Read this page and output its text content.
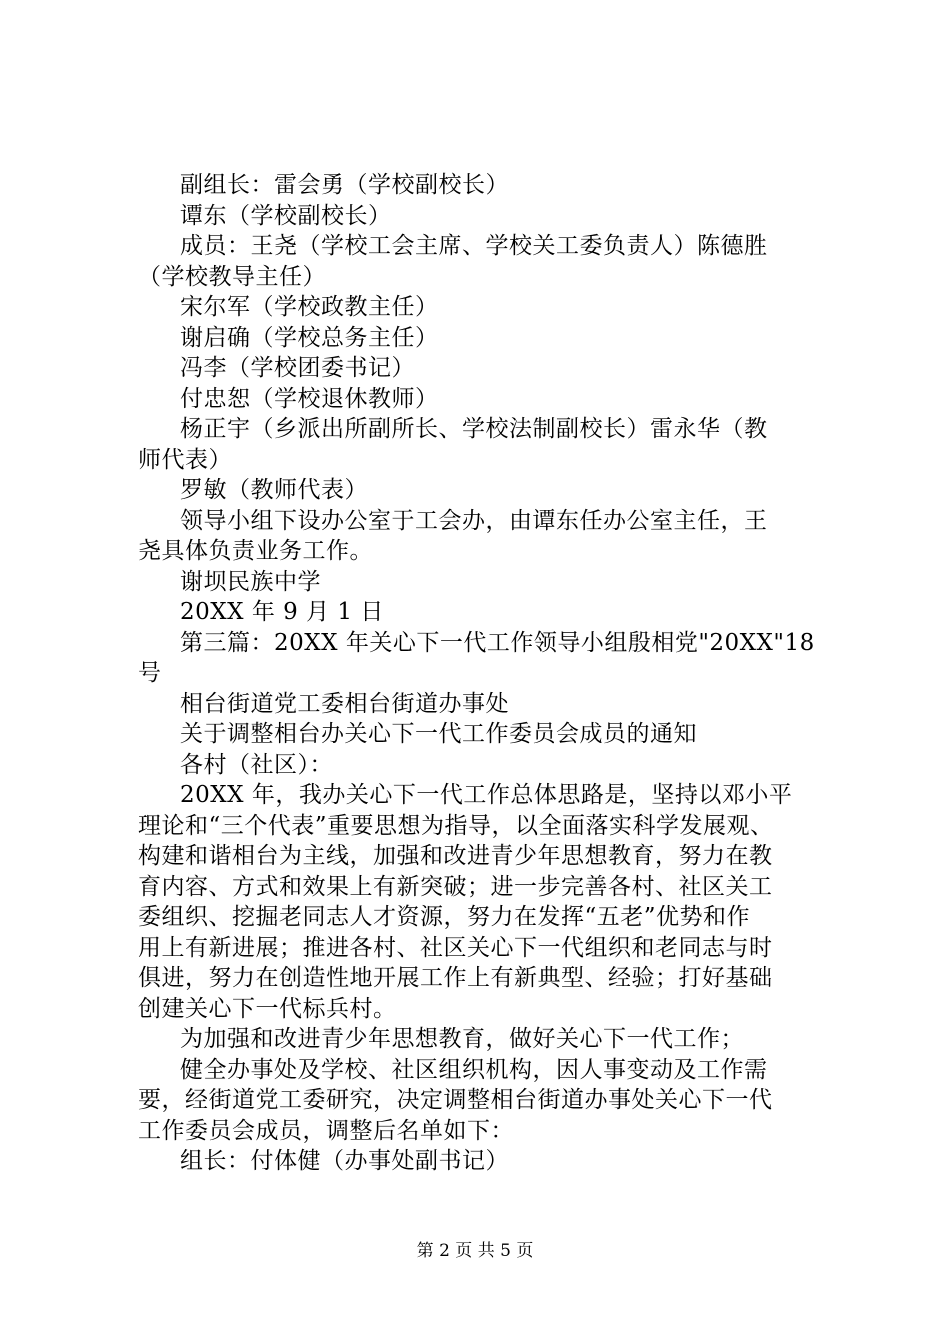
副组长：雷会勇（学校副校长）
谭东（学校副校长）
成员：王尧（学校工会主席、学校关工委负责人）陈德胜
（学校教导主任）
宋尔军（学校政教主任）
谢启确（学校总务主任）
冯李（学校团委书记）
付忠恕（学校退休教师）
杨正宇（乡派出所副所长、学校法制副校长）雷永华（教
师代表）
罗敏（教师代表）
领导小组下设办公室于工会办，由谭东任办公室主任，王
尧具体负责业务工作。
谢坝民族中学
20XX 年 9 月 1 日
第三篇：20XX 年关心下一代工作领导小组殷相党"20XX"18
号
相台街道党工委相台街道办事处
关于调整相台办关心下一代工作委员会成员的通知
各村（社区）：
20XX 年，我办关心下一代工作总体思路是，坚持以邓小平
理论和“三个代表”重要思想为指导，以全面落实科学发展观、
构建和谐相台为主线，加强和改进青少年思想教育，努力在教
育内容、方式和效果上有新突破；进一步完善各村、社区关工
委组织、挖掘老同志人才资源，努力在发挥“五老”优势和作
用上有新进展；推进各村、社区关心下一代组织和老同志与时
俱进，努力在创造性地开展工作上有新典型、经验；打好基础
创建关心下一代标兵村。
为加强和改进青少年思想教育，做好关心下一代工作；
健全办事处及学校、社区组织机构，因人事变动及工作需
要，经街道党工委研究，决定调整相台街道办事处关心下一代
工作委员会成员，调整后名单如下：
组长：付体健（办事处副书记）
第 2 页 共 5 页
